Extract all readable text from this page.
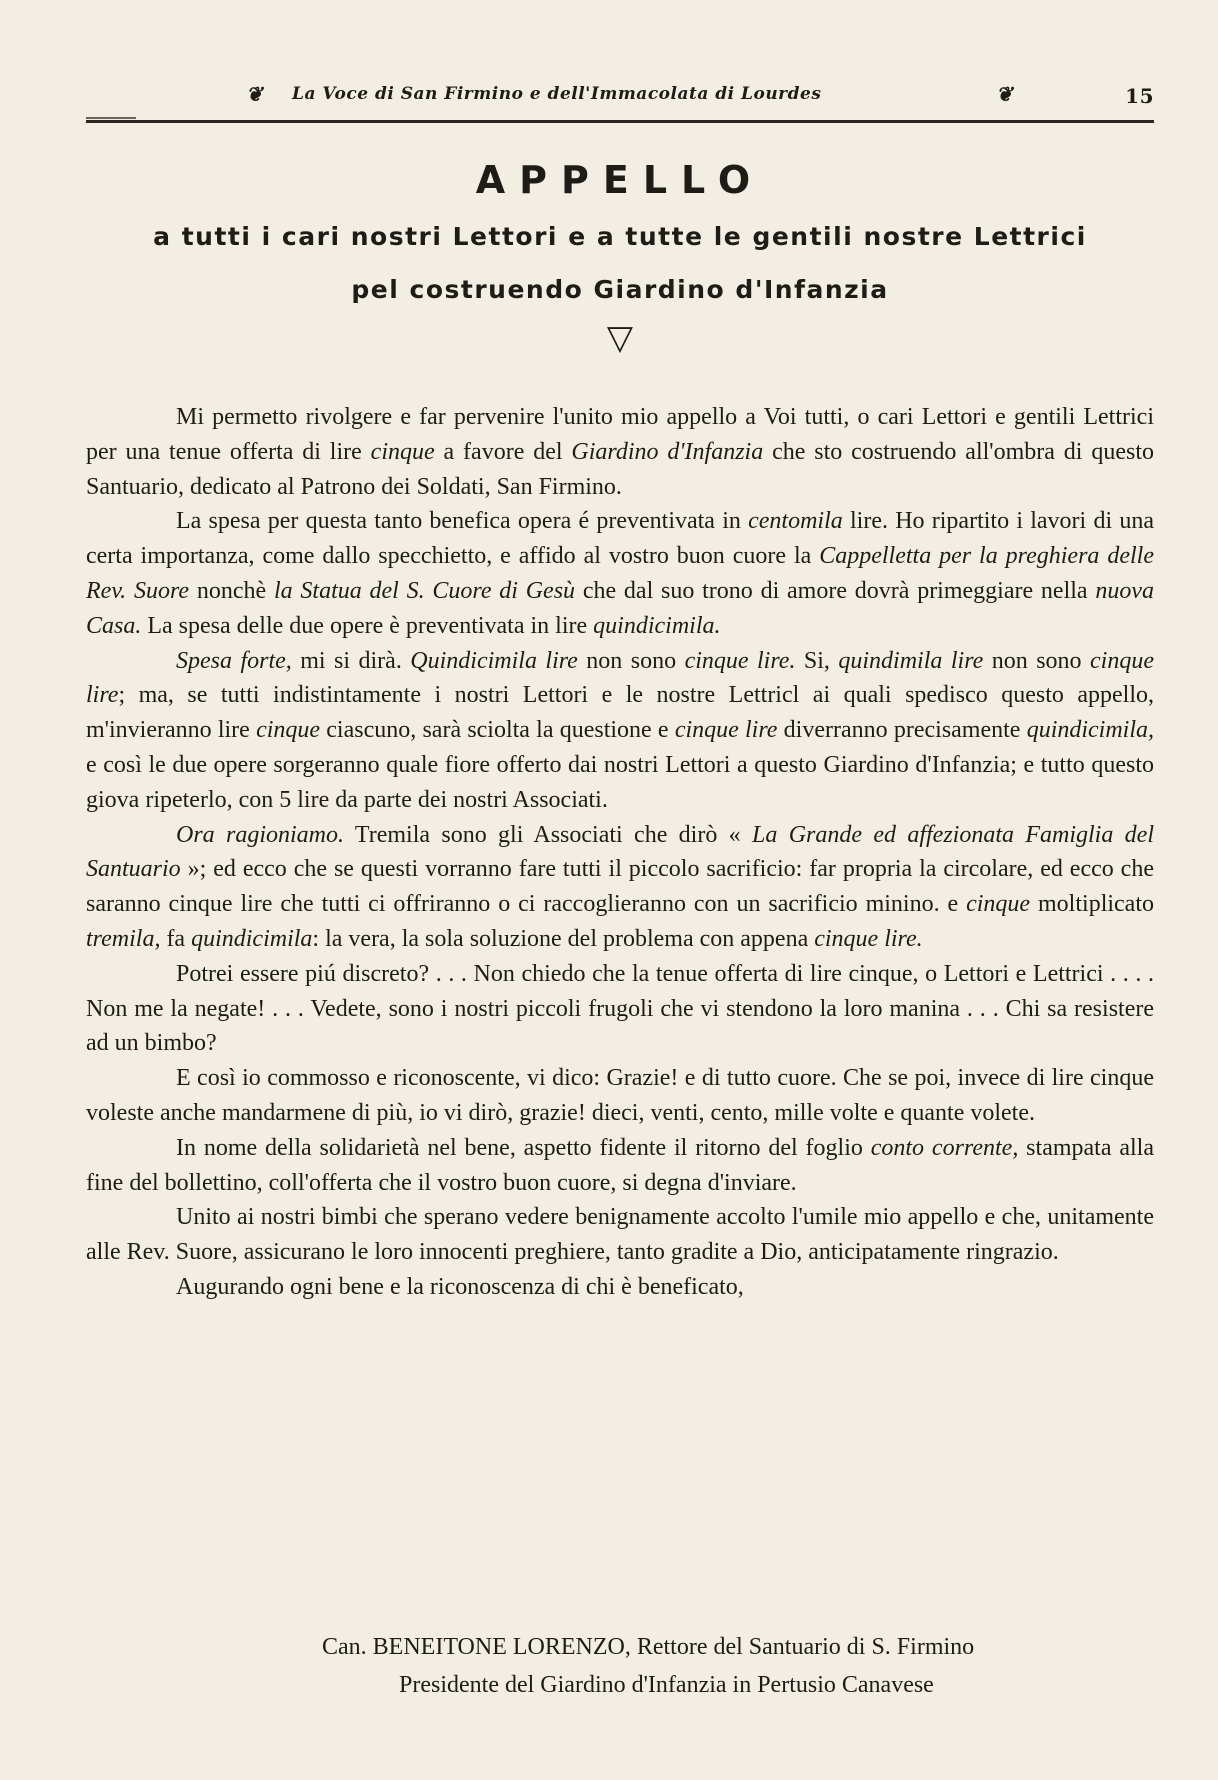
❦ La Voce di San Firmino e dell'Immacolata di Lourdes	❦	15
APPELLO
a tutti i cari nostri Lettori e a tutte le gentili nostre Lettrici
pel costruendo Giardino d'Infanzia
▽

Mi permetto rivolgere e far pervenire l'unito mio appello a Voi tutti, o cari Lettori e gentili Lettrici per una tenue offerta di lire cinque a favore del Giardino d'Infanzia che sto costruendo all'ombra di questo Santuario, dedicato al Patrono dei Soldati, San Firmino.

La spesa per questa tanto benefica opera é preventivata in centomila lire. Ho ripartito i lavori di una certa importanza, come dallo specchietto, e affido al vostro buon cuore la Cappelletta per la preghiera delle Rev. Suore nonchè la Statua del S. Cuore di Gesù che dal suo trono di amore dovrà primeggiare nella nuova Casa. La spesa delle due opere è preventivata in lire quindicimila.

Spesa forte, mi si dirà. Quindicimila lire non sono cinque lire. Si, quindimila lire non sono cinque lire; ma, se tutti indistintamente i nostri Lettori e le nostre Lettricl ai quali spedisco questo appello, m'invieranno lire cinque ciascuno, sarà sciolta la questione e cinque lire diverranno precisamente quindicimila, e così le due opere sorgeranno quale fiore offerto dai nostri Lettori a questo Giardino d'Infanzia; e tutto questo giova ripeterlo, con 5 lire da parte dei nostri Associati.

Ora ragioniamo. Tremila sono gli Associati che dirò « La Grande ed affezionata Famiglia del Santuario »; ed ecco che se questi vorranno fare tutti il piccolo sacrificio: far propria la circolare, ed ecco che saranno cinque lire che tutti ci offriranno o ci raccoglieranno con un sacrificio minino. e cinque moltiplicato tremila, fa quindicimila: la vera, la sola soluzione del problema con appena cinque lire.

Potrei essere piú discreto? . . . Non chiedo che la tenue offerta di lire cinque, o Lettori e Lettrici . . . . Non me la negate! . . . Vedete, sono i nostri piccoli frugoli che vi stendono la loro manina . . . Chi sa resistere ad un bimbo?

E così io commosso e riconoscente, vi dico: Grazie! e di tutto cuore. Che se poi, invece di lire cinque voleste anche mandarmene di più, io vi dirò, grazie! dieci, venti, cento, mille volte e quante volete.

In nome della solidarietà nel bene, aspetto fidente il ritorno del foglio conto corrente, stampata alla fine del bollettino, coll'offerta che il vostro buon cuore, si degna d'inviare.

Unito ai nostri bimbi che sperano vedere benignamente accolto l'umile mio appello e che, unitamente alle Rev. Suore, assicurano le loro innocenti preghiere, tanto gradite a Dio, anticipatamente ringrazio.

Augurando ogni bene e la riconoscenza di chi è beneficato,

Can. BENEITONE LORENZO, Rettore del Santuario di S. Firmino
Presidente del Giardino d'Infanzia in Pertusio Canavese
